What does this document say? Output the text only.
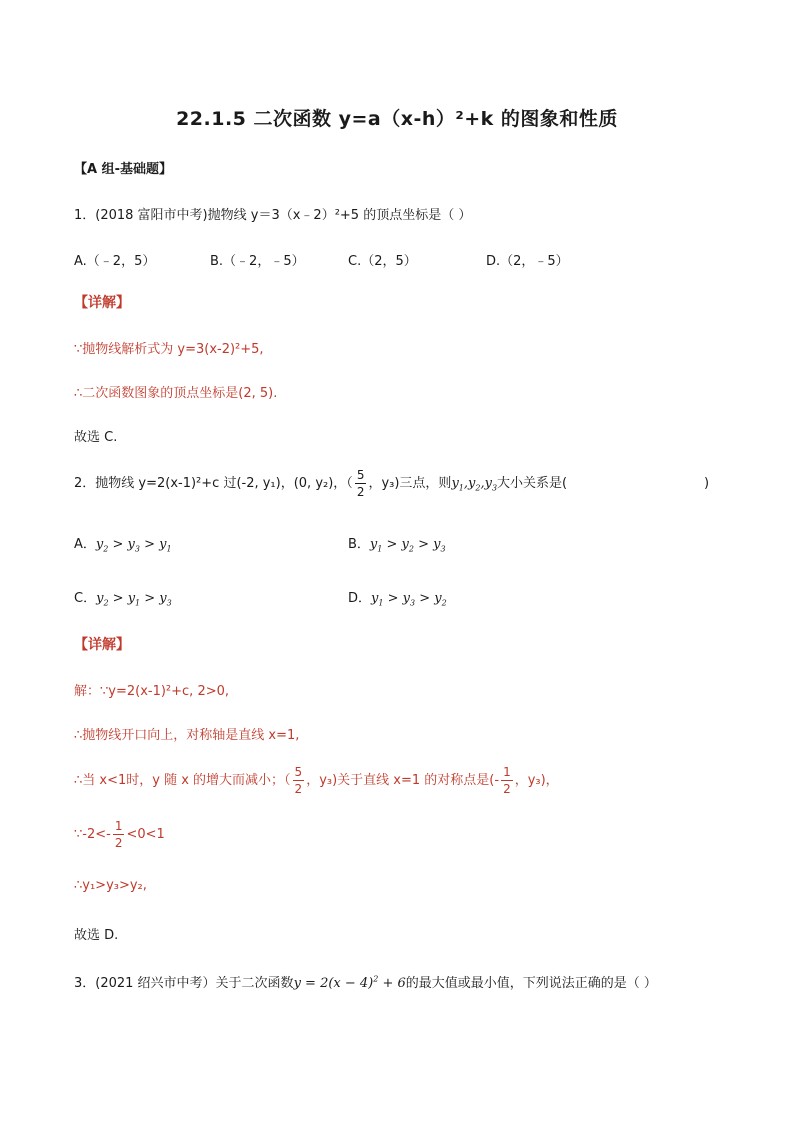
22.1.5 二次函数 y=a（x-h）²+k 的图象和性质
【A 组-基础题】
1．(2018 富阳市中考)抛物线 y＝3（x﹣2）²+5 的顶点坐标是（ ）
A.（﹣2，5）	B.（﹣2，﹣5）	C.（2，5）	D.（2，﹣5）
【详解】
∵抛物线解析式为 y=3(x-2)²+5,
∴二次函数图象的顶点坐标是(2, 5).
故选 C.
2．抛物线 y=2(x-1)²+c 过(-2, y₁)，(0, y₂)，（ $\frac{5}{2}$ ，y₃)三点，则$y_1,y_2,y_3$大小关系是(	)
A．$y_2 > y_3 > y_1$	B．$y_1 > y_2 > y_3$
C．$y_2 > y_1 > y_3$	D．$y_1 > y_3 > y_2$
【详解】
解：∵y=2(x-1)²+c, 2>0,
∴抛物线开口向上，对称轴是直线 x=1,
∴当 x<1时，y 随 x 的增大而减小；（ $\frac{5}{2}$ ，y₃)关于直线 x=1 的对称点是(- $\frac{1}{2}$ ，y₃)，
∵-2<- $\frac{1}{2} <0<1$
∴y₁>y₃>y₂,
故选 D.
3．(2021 绍兴市中考）关于二次函数$y = 2(x - 4)^2 + 6$的最大值或最小值，下列说法正确的是（ ）
